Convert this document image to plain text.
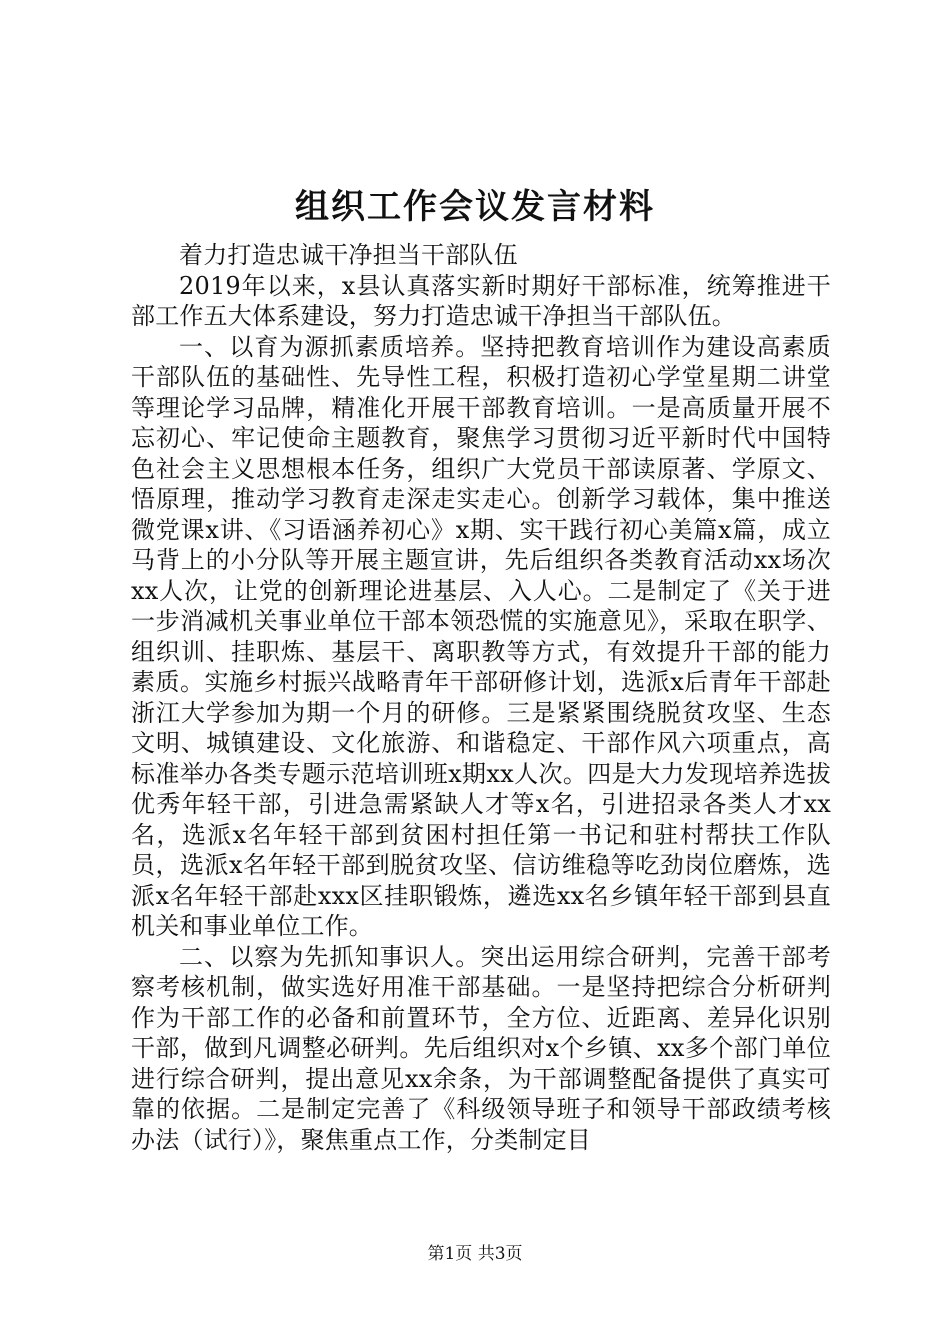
组织工作会议发言材料

着力打造忠诚干净担当干部队伍

2019年以来，x县认真落实新时期好干部标准，统筹推进干部工作五大体系建设，努力打造忠诚干净担当干部队伍。

一、以育为源抓素质培养。坚持把教育培训作为建设高素质干部队伍的基础性、先导性工程，积极打造初心学堂星期二讲堂等理论学习品牌，精准化开展干部教育培训。一是高质量开展不忘初心、牢记使命主题教育，聚焦学习贯彻习近平新时代中国特色社会主义思想根本任务，组织广大党员干部读原著、学原文、悟原理，推动学习教育走深走实走心。创新学习载体，集中推送微党课x讲、《习语涵养初心》x期、实干践行初心美篇x篇，成立马背上的小分队等开展主题宣讲，先后组织各类教育活动xx场次xx人次，让党的创新理论进基层、入人心。二是制定了《关于进一步消减机关事业单位干部本领恐慌的实施意见》，采取在职学、组织训、挂职炼、基层干、离职教等方式，有效提升干部的能力素质。实施乡村振兴战略青年干部研修计划，选派x后青年干部赴浙江大学参加为期一个月的研修。三是紧紧围绕脱贫攻坚、生态文明、城镇建设、文化旅游、和谐稳定、干部作风六项重点，高标准举办各类专题示范培训班x期xx人次。四是大力发现培养选拔优秀年轻干部，引进急需紧缺人才等x名，引进招录各类人才xx名，选派x名年轻干部到贫困村担任第一书记和驻村帮扶工作队员，选派x名年轻干部到脱贫攻坚、信访维稳等吃劲岗位磨炼，选派x名年轻干部赴xxx区挂职锻炼，遴选xx名乡镇年轻干部到县直机关和事业单位工作。

二、以察为先抓知事识人。突出运用综合研判，完善干部考察考核机制，做实选好用准干部基础。一是坚持把综合分析研判作为干部工作的必备和前置环节，全方位、近距离、差异化识别干部，做到凡调整必研判。先后组织对x个乡镇、xx多个部门单位进行综合研判，提出意见xx余条，为干部调整配备提供了真实可靠的依据。二是制定完善了《科级领导班子和领导干部政绩考核办法（试行）》，聚焦重点工作，分类制定目

第1页 共3页
